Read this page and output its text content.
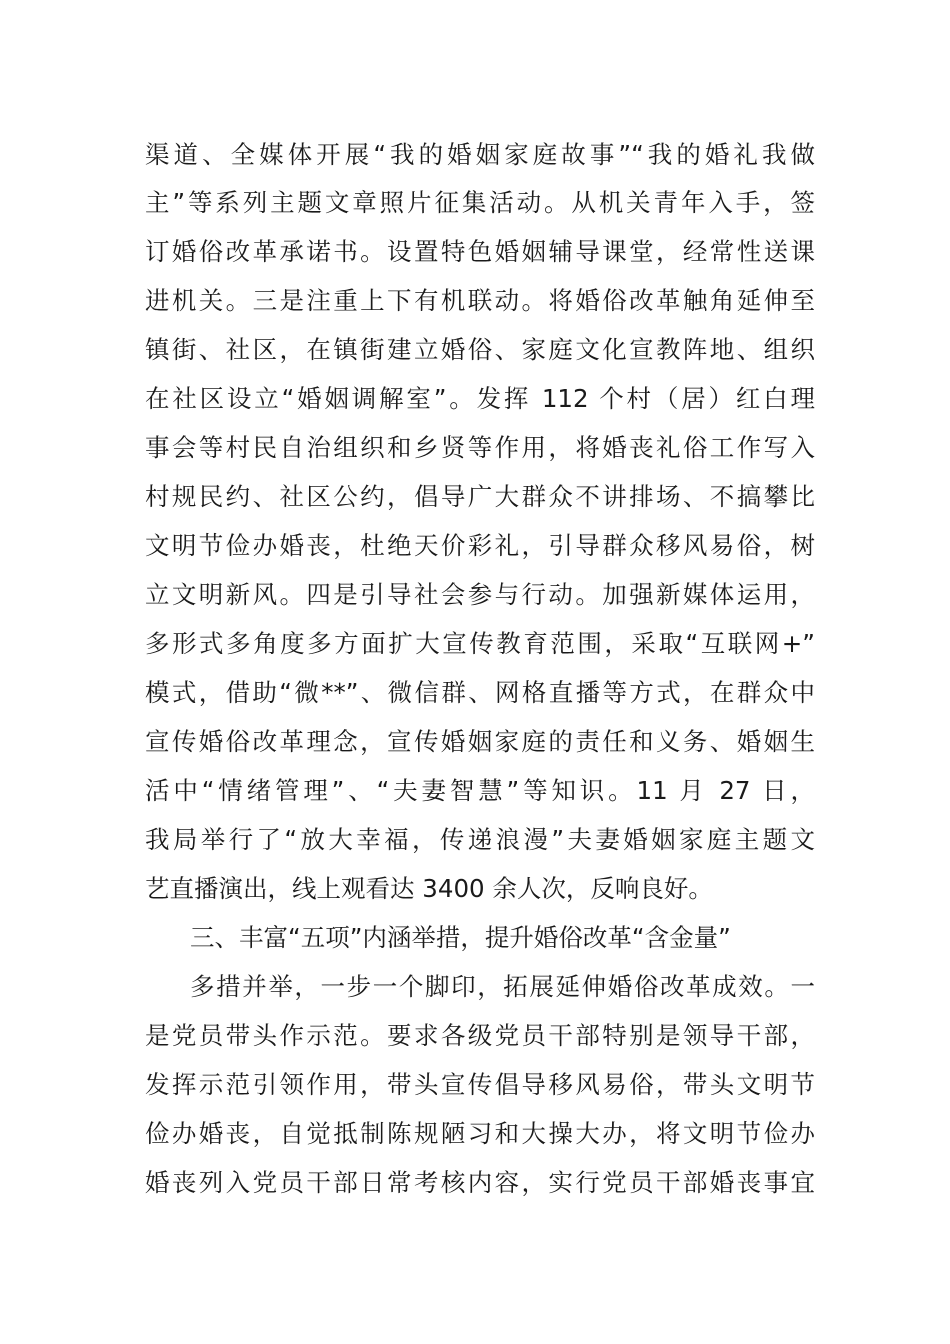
渠道、全媒体开展“我的婚姻家庭故事”“我的婚礼我做
主”等系列主题文章照片征集活动。从机关青年入手，签
订婚俗改革承诺书。设置特色婚姻辅导课堂，经常性送课
进机关。三是注重上下有机联动。将婚俗改革触角延伸至
镇街、社区，在镇街建立婚俗、家庭文化宣教阵地、组织
在社区设立“婚姻调解室”。发挥 112 个村（居）红白理
事会等村民自治组织和乡贤等作用，将婚丧礼俗工作写入
村规民约、社区公约，倡导广大群众不讲排场、不搞攀比
文明节俭办婚丧，杜绝天价彩礼，引导群众移风易俗，树
立文明新风。四是引导社会参与行动。加强新媒体运用，
多形式多角度多方面扩大宣传教育范围，采取“互联网+”
模式，借助“微**”、微信群、网格直播等方式，在群众中
宣传婚俗改革理念，宣传婚姻家庭的责任和义务、婚姻生
活中“情绪管理”、“夫妻智慧”等知识。11 月 27 日，
我局举行了“放大幸福，传递浪漫”夫妻婚姻家庭主题文
艺直播演出，线上观看达 3400 余人次，反响良好。
三、丰富“五项”内涵举措，提升婚俗改革“含金量”
多措并举，一步一个脚印，拓展延伸婚俗改革成效。一
是党员带头作示范。要求各级党员干部特别是领导干部，
发挥示范引领作用，带头宣传倡导移风易俗，带头文明节
俭办婚丧，自觉抵制陈规陋习和大操大办，将文明节俭办
婚丧列入党员干部日常考核内容，实行党员干部婚丧事宜
